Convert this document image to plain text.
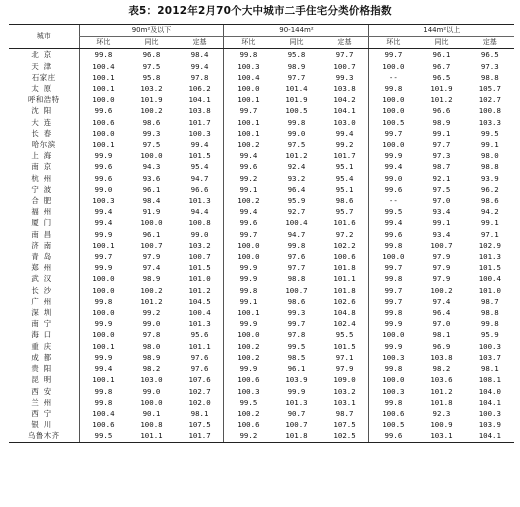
表5：2012年2月70个大中城市二手住宅分类价格指数
城市	90m²及以下			90-144m²			144m²以上		
	环比	同比	定基	环比	同比	定基	环比	同比	定基
北京	99.8	96.8	98.4	99.8	95.8	97.7	99.7	96.1	96.5
天津	100.4	97.5	99.4	100.3	98.9	100.7	100.0	96.7	97.3
石家庄	100.1	95.8	97.8	100.4	97.7	99.3	--	96.5	98.8
太原	100.1	103.2	106.2	100.0	101.4	103.8	99.8	101.9	105.7
呼和浩特	100.0	101.9	104.1	100.1	101.9	104.2	100.0	101.2	102.7
沈阳	99.6	100.2	103.8	99.7	100.5	104.1	100.0	96.6	100.8
大连	100.6	98.6	101.7	100.1	99.8	103.0	100.5	98.9	103.3
长春	100.0	99.3	100.3	100.1	99.0	99.4	99.7	99.1	99.5
哈尔滨	100.1	97.5	99.4	100.2	97.5	99.2	100.0	97.7	99.1
上海	99.9	100.0	101.5	99.4	101.2	101.7	99.9	97.3	98.0
南京	99.6	94.3	95.4	99.6	92.4	95.1	99.4	98.7	98.8
杭州	99.6	93.6	94.7	99.2	93.2	95.4	99.0	92.1	93.9
宁波	99.0	96.1	96.6	99.1	96.4	95.1	99.6	97.5	96.2
合肥	100.3	98.4	101.3	100.2	95.9	98.6	--	97.0	98.6
福州	99.4	91.9	94.4	99.4	92.7	95.7	99.5	93.4	94.2
厦门	99.4	100.0	100.8	99.6	100.4	101.6	99.4	99.1	99.1
南昌	99.9	96.1	99.0	99.7	94.7	97.2	99.6	93.4	97.1
济南	100.1	100.7	103.2	100.0	99.8	102.2	99.8	100.7	102.9
青岛	99.7	97.9	100.7	100.0	97.6	100.6	100.0	97.9	101.3
郑州	99.9	97.4	101.5	99.9	97.7	101.8	99.7	97.9	101.5
武汉	100.0	98.9	101.0	99.9	98.8	101.1	99.8	97.9	100.4
长沙	100.0	100.2	101.2	99.8	100.7	101.8	99.7	100.2	101.0
广州	99.8	101.2	104.5	99.1	98.6	102.6	99.7	97.4	98.7
深圳	100.0	99.2	100.4	100.1	99.3	104.8	99.8	96.4	98.8
南宁	99.9	99.0	101.3	99.9	99.7	102.4	99.9	97.0	99.8
海口	100.0	97.8	95.6	100.0	97.8	95.5	100.0	98.1	95.9
重庆	100.1	98.0	101.1	100.2	99.5	101.5	99.9	96.9	100.3
成都	99.9	98.9	97.6	100.2	98.5	97.1	100.3	103.8	103.7
贵阳	99.4	98.2	97.6	99.9	96.1	97.9	99.8	98.2	98.1
昆明	100.1	103.0	107.6	100.6	103.9	109.0	100.0	103.6	108.1
西安	99.8	99.0	102.7	100.3	99.9	103.2	100.3	101.2	104.0
兰州	99.8	100.0	102.0	99.5	101.3	103.1	99.8	101.8	104.1
西宁	100.4	90.1	98.1	100.2	90.7	98.7	100.6	92.3	100.3
银川	100.6	100.8	107.5	100.6	100.7	107.5	100.5	100.9	103.9
乌鲁木齐	99.5	101.1	101.7	99.2	101.8	102.5	99.6	103.1	104.1
